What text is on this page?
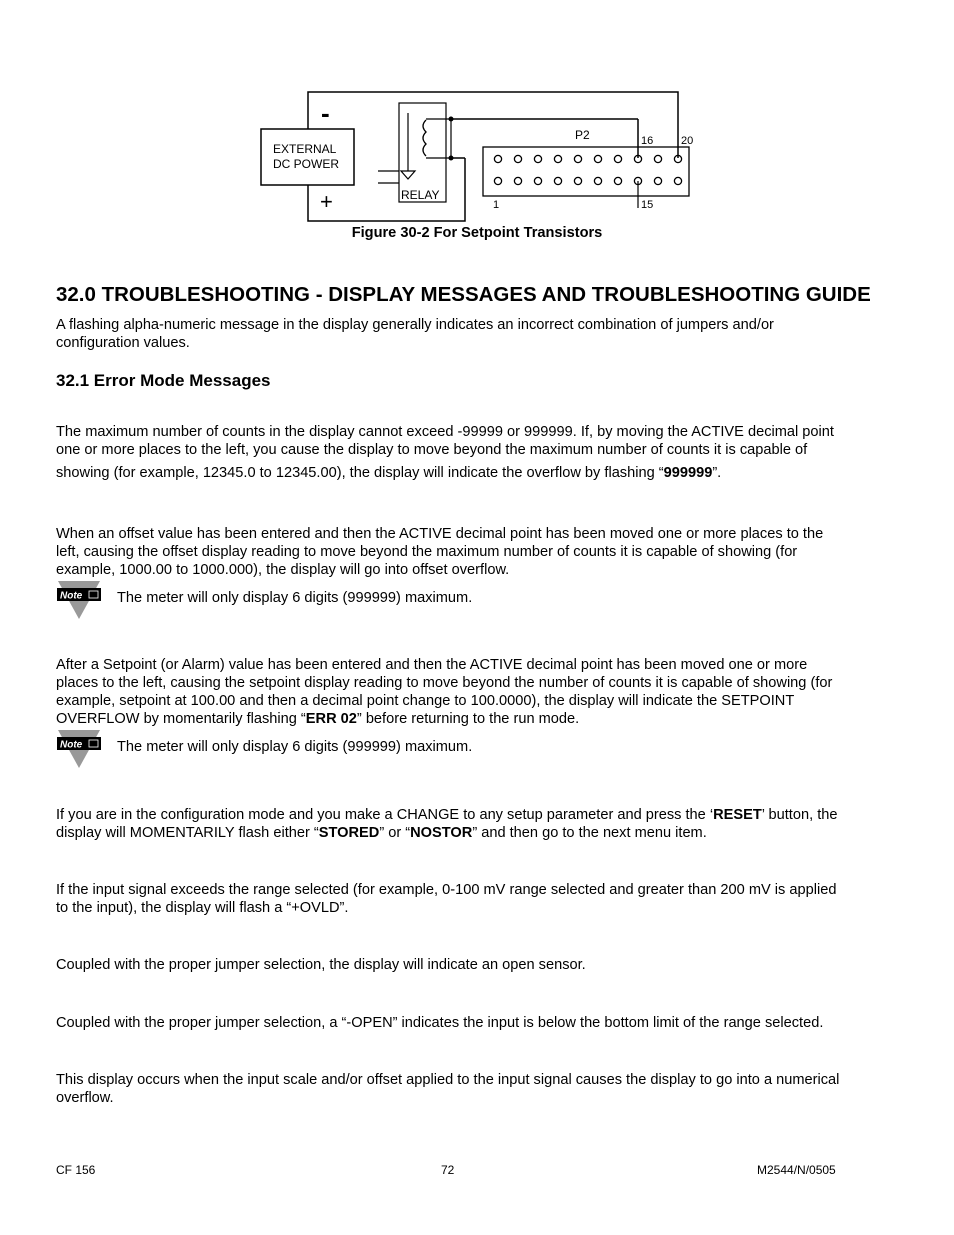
-
+
EXTERNAL
DC POWER
RELAY
P2	16	20
1	15
Figure 30-2 For Setpoint Transistors
32.0 TROUBLESHOOTING - DISPLAY MESSAGES AND TROUBLESHOOTING GUIDE
A flashing alpha-numeric message in the display generally indicates an incorrect combination of jumpers and/or
configuration values.
32.1 Error Mode Messages
The maximum number of counts in the display cannot exceed -99999 or 999999. If, by moving the ACTIVE decimal point
one or more places to the left, you cause the display to move beyond the maximum number of counts it is capable of
showing (for example, 12345.0 to 12345.00), the display will indicate the overflow by flashing “999999”.
When an offset value has been entered and then the ACTIVE decimal point has been moved one or more places to the
left, causing the offset display reading to move beyond the maximum number of counts it is capable of showing (for
example, 1000.00 to 1000.000), the display will go into offset overflow.
Note The meter will only display 6 digits (999999) maximum.
After a Setpoint (or Alarm) value has been entered and then the ACTIVE decimal point has been moved one or more
places to the left, causing the setpoint display reading to move beyond the number of counts it is capable of showing (for
example, setpoint at 100.00 and then a decimal point change to 100.0000), the display will indicate the SETPOINT
OVERFLOW by momentarily flashing “ERR 02” before returning to the run mode.
Note The meter will only display 6 digits (999999) maximum.
If you are in the configuration mode and you make a CHANGE to any setup parameter and press the ‘RESET’ button, the
display will MOMENTARILY flash either “STORED” or “NOSTOR” and then go to the next menu item.
If the input signal exceeds the range selected (for example, 0-100 mV range selected and greater than 200 mV is applied
to the input), the display will flash a “+OVLD”.
Coupled with the proper jumper selection, the display will indicate an open sensor.
Coupled with the proper jumper selection, a “-OPEN” indicates the input is below the bottom limit of the range selected.
This display occurs when the input scale and/or offset applied to the input signal causes the display to go into a numerical
overflow.
CF 156	72	M2544/N/0505
